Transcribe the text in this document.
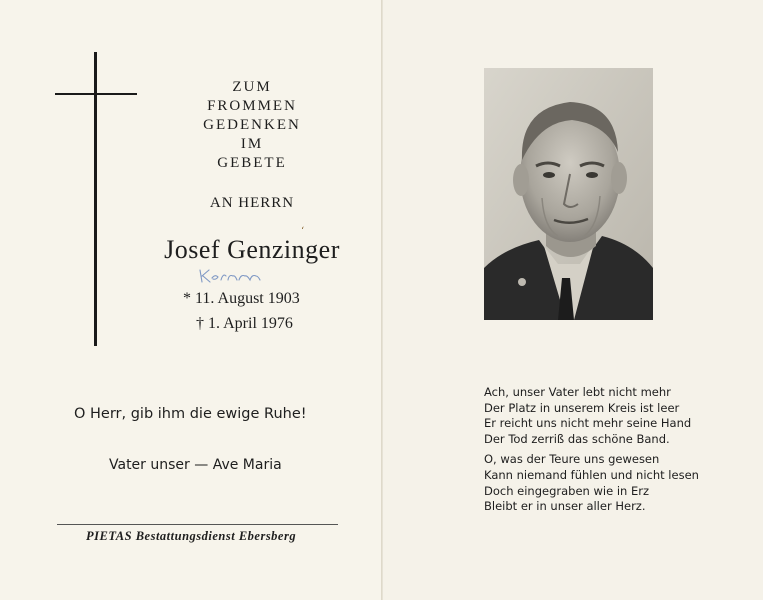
ZUM
FROMMEN
GEDENKEN
IM
GEBETE
AN HERRN
‘
Josef Genzinger
* 11. August 1903
† 1. April 1976
O Herr, gib ihm die ewige Ruhe!
Vater unser — Ave Maria
PIETAS Bestattungsdienst Ebersberg
Ach, unser Vater lebt nicht mehr
Der Platz in unserem Kreis ist leer
Er reicht uns nicht mehr seine Hand
Der Tod zerriß das schöne Band.
O, was der Teure uns gewesen
Kann niemand fühlen und nicht lesen
Doch eingegraben wie in Erz
Bleibt er in unser aller Herz.
